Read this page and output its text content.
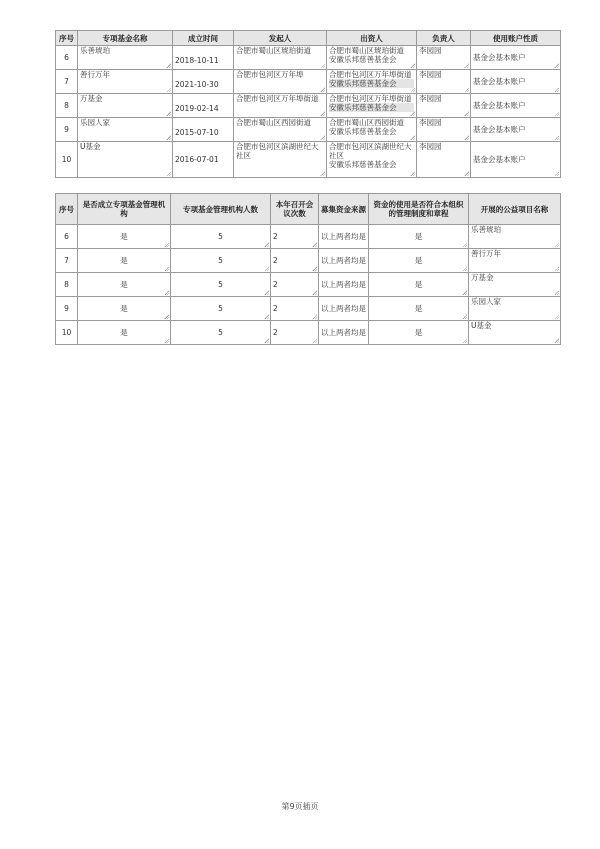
序号	专项基金名称	成立时间	发起人	出资人	负责人	使用账户性质
6	乐善琥珀	2018-10-11	合肥市蜀山区琥珀街道	合肥市蜀山区琥珀街道
安徽乐邦慈善基金会	李园园	基金会基本账户
7	善行万年	2021-10-30	合肥市包河区万年埠	合肥市包河区万年埠街道
安徽乐邦慈善基金会	李园园	基金会基本账户
8	万基金	2019-02-14	合肥市包河区万年埠街道	合肥市包河区万年埠街道
安徽乐邦慈善基金会	李园园	基金会基本账户
9	乐园人家	2015-07-10	合肥市蜀山区西园街道	合肥市蜀山区西园街道
安徽乐邦慈善基金会	李园园	基金会基本账户
10	U基金	2016-07-01	合肥市包河区滨湖世纪大社区	合肥市包河区滨湖世纪大社区
安徽乐邦慈善基金会	李园园	基金会基本账户
序号	是否成立专项基金管理机构	专项基金管理机构人数	本年召开会议次数	募集资金来源	资金的使用是否符合本组织的管理制度和章程	开展的公益项目名称
6	是	5	2	以上两者均是	是	乐善琥珀
7	是	5	2	以上两者均是	是	善行万年
8	是	5	2	以上两者均是	是	万基金
9	是	5	2	以上两者均是	是	乐园人家
10	是	5	2	以上两者均是	是	U基金
第9页插页
